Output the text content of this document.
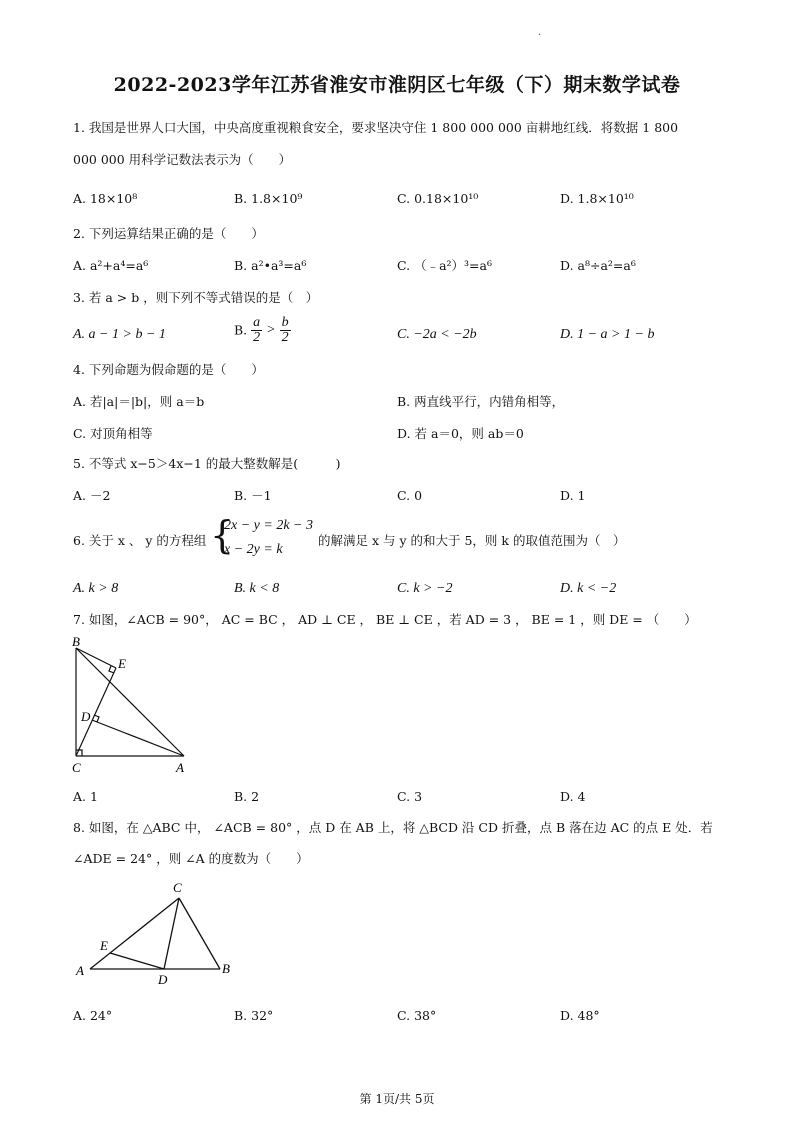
·
2022-2023学年江苏省淮安市淮阴区七年级（下）期末数学试卷
1. 我国是世界人口大国，中央高度重视粮食安全，要求坚决守住 1 800 000 000 亩耕地红线．将数据 1 800
000 000 用科学记数法表示为（　　）
A. 18×10⁸	B. 1.8×10⁹	C. 0.18×10¹⁰	D. 1.8×10¹⁰
2. 下列运算结果正确的是（　　）
A. a²+a⁴=a⁶	B. a²•a³=a⁶	C. （﹣a²）³=a⁶	D. a⁸÷a²=a⁶
3. 若 a > b ，则下列不等式错误的是（　）
A. a − 1 > b − 1	B. $\frac{a}{2} > \frac{b}{2}$	C. −2a < −2b	D. 1 − a > 1 − b
4. 下列命题为假命题的是（　　）
A. 若|a|＝|b|，则 a＝b	B. 两直线平行，内错角相等，
C. 对顶角相等	D. 若 a＝0，则 ab＝0
5. 不等式 x−5＞4x−1 的最大整数解是(　　　)
A. －2	B. －1	C. 0	D. 1
6. 关于 x 、 y 的方程组 {
2x − y = 2k − 3
x − 2y = k
的解满足 x 与 y 的和大于 5，则 k 的取值范围为（　）
A. k > 8	B. k < 8	C. k > −2	D. k < −2
7. 如图，∠ACB = 90°， AC = BC ， AD ⊥ CE ， BE ⊥ CE ，若 AD = 3 ， BE = 1 ，则 DE = （　　）
B
E
D
C	A
A. 1	B. 2	C. 3	D. 4
8. 如图，在 △ABC 中， ∠ACB = 80° ，点 D 在 AB 上，将 △BCD 沿 CD 折叠，点 B 落在边 AC 的点 E 处．若
∠ADE = 24° ，则 ∠A 的度数为（　　）
C
E
A
D
B
A. 24°	B. 32°	C. 38°	D. 48°
第 1页/共 5页
